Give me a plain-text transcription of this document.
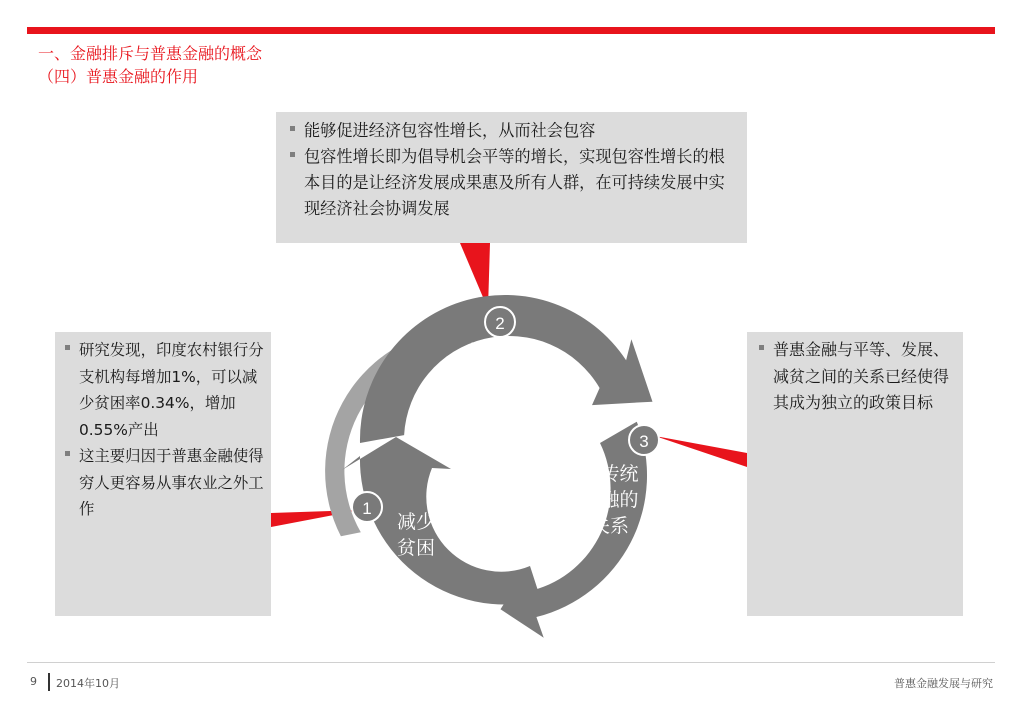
一、金融排斥与普惠金融的概念
（四）普惠金融的作用
2
3
1
促进经济
包容性增长
与传统
金融的
关系
减少
贫困
能够促进经济包容性增长，从而社会包容
包容性增长即为倡导机会平等的增长，实现包容性增长的根本目的是让经济发展成果惠及所有人群，在可持续发展中实现经济社会协调发展
研究发现，印度农村银行分支机构每增加1%，可以减少贫困率0.34%，增加0.55%产出
这主要归因于普惠金融使得穷人更容易从事农业之外工作
普惠金融与平等、发展、减贫之间的关系已经使得其成为独立的政策目标
9 2014年10月	普惠金融发展与研究
